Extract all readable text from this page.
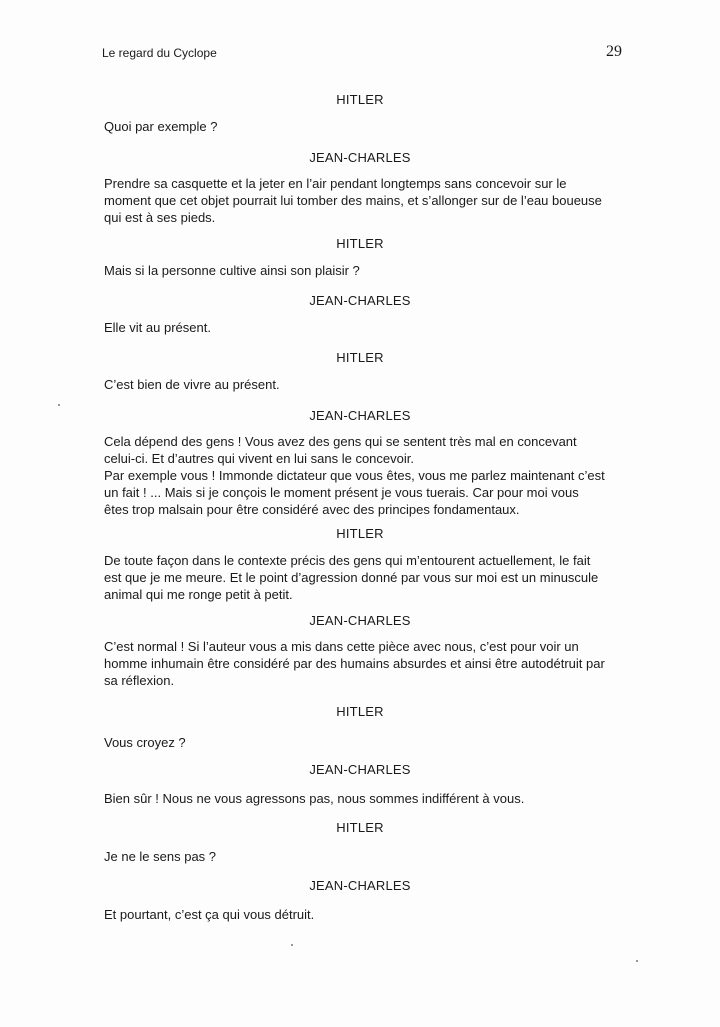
Le regard du Cyclope	29
HITLER
Quoi par exemple ?
JEAN-CHARLES
Prendre sa casquette et la jeter en l’air pendant longtemps sans concevoir sur le
moment que cet objet pourrait lui tomber des mains, et s’allonger sur de l’eau boueuse
qui est à ses pieds.
HITLER
Mais si la personne cultive ainsi son plaisir ?
JEAN-CHARLES
Elle vit au présent.
HITLER
C’est bien de vivre au présent.
JEAN-CHARLES
Cela dépend des gens ! Vous avez des gens qui se sentent très mal en concevant
celui-ci. Et d’autres qui vivent en lui sans le concevoir.
Par exemple vous ! Immonde dictateur que vous êtes, vous me parlez maintenant c’est
un fait ! ... Mais si je conçois le moment présent je vous tuerais. Car pour moi vous
êtes trop malsain pour être considéré avec des principes fondamentaux.
HITLER
De toute façon dans le contexte précis des gens qui m’entourent actuellement, le fait
est que je me meure. Et le point d’agression donné par vous sur moi est un minuscule
animal qui me ronge petit à petit.
JEAN-CHARLES
C’est normal ! Si l’auteur vous a mis dans cette pièce avec nous, c’est pour voir un
homme inhumain être considéré par des humains absurdes et ainsi être autodétruit par
sa réflexion.
HITLER
Vous croyez ?
JEAN-CHARLES
Bien sûr ! Nous ne vous agressons pas, nous sommes indifférent à vous.
HITLER
Je ne le sens pas ?
JEAN-CHARLES
Et pourtant, c’est ça qui vous détruit.
